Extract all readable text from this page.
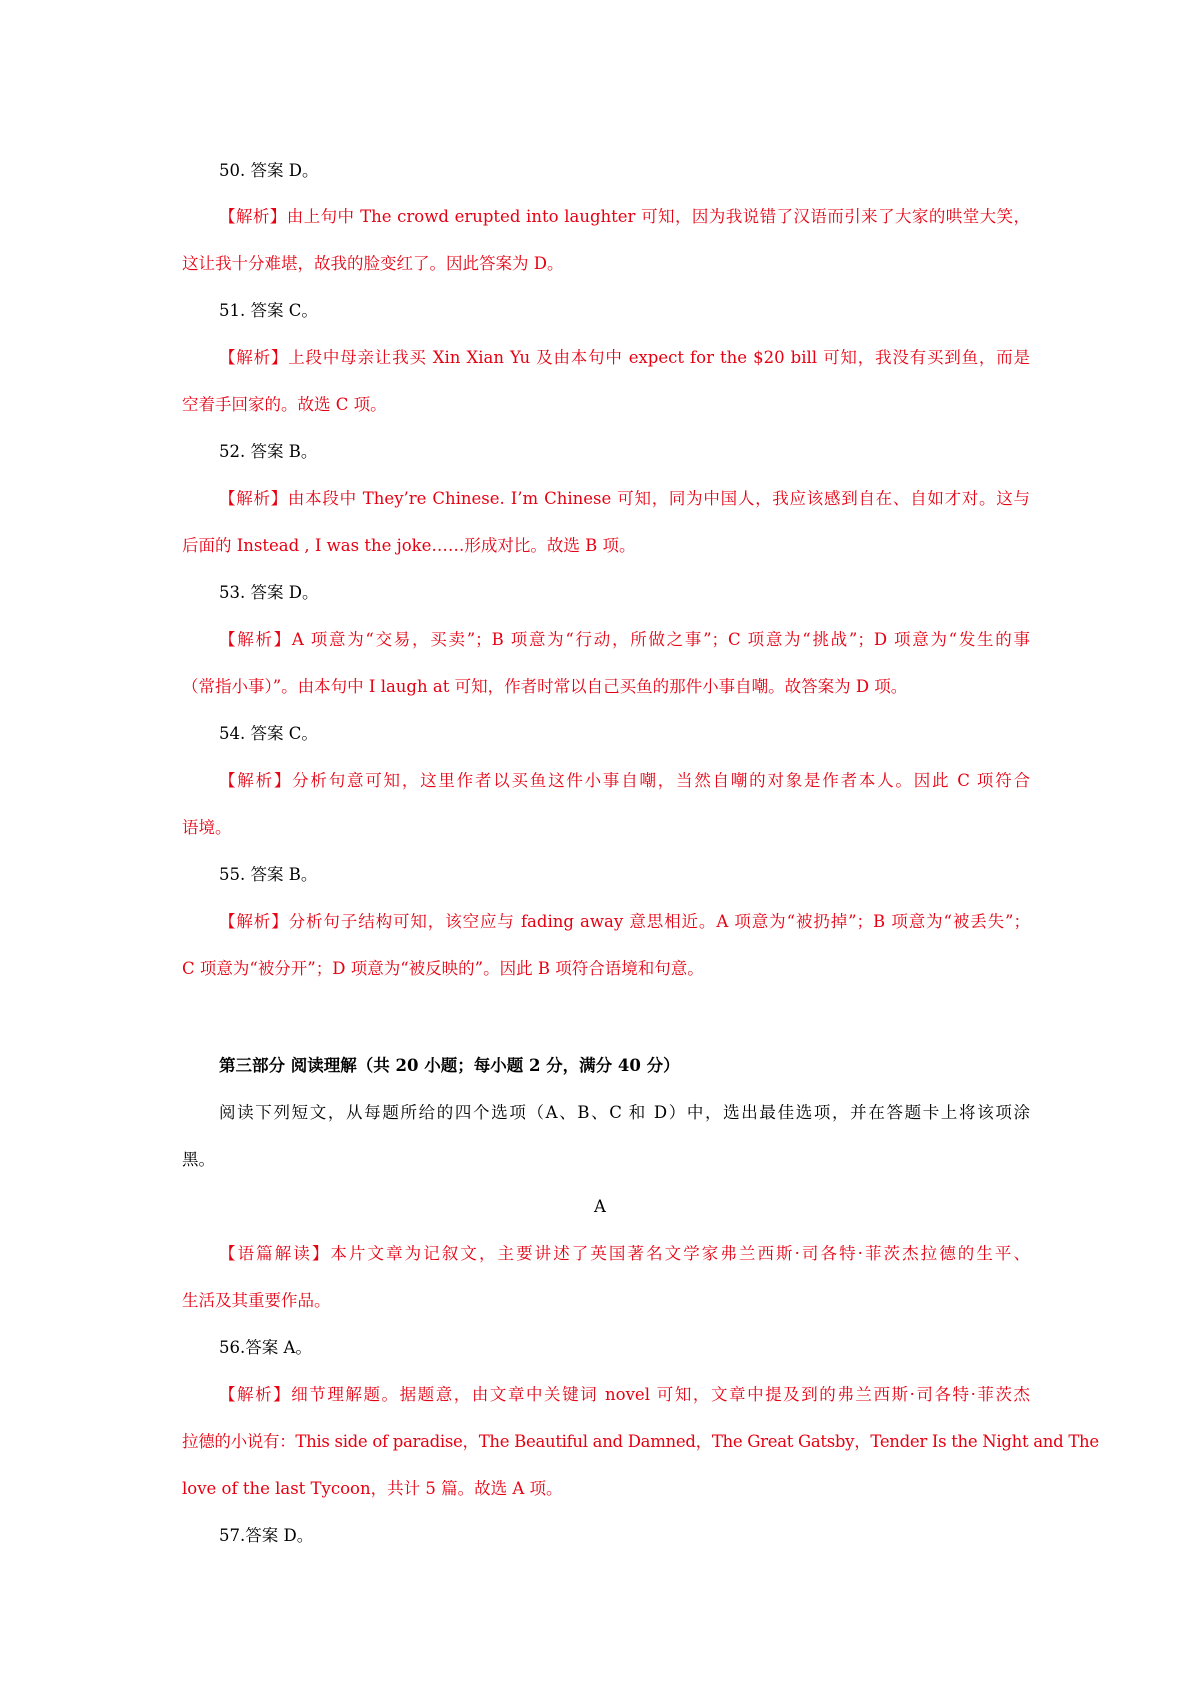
50. 答案 D。
【解析】由上句中 The crowd erupted into laughter 可知，因为我说错了汉语而引来了大家的哄堂大笑，
这让我十分难堪，故我的脸变红了。因此答案为 D。
51. 答案 C。
【解析】上段中母亲让我买 Xin Xian Yu 及由本句中 expect for the $20 bill 可知，我没有买到鱼，而是
空着手回家的。故选 C 项。
52. 答案 B。
【解析】由本段中 They’re Chinese. I’m Chinese 可知，同为中国人，我应该感到自在、自如才对。这与
后面的 Instead , I was the joke……形成对比。故选 B 项。
53. 答案 D。
【解析】A 项意为“交易，买卖”；B 项意为“行动，所做之事”；C 项意为“挑战”；D 项意为“发生的事
（常指小事）”。由本句中 I laugh at 可知，作者时常以自己买鱼的那件小事自嘲。故答案为 D 项。
54. 答案 C。
【解析】分析句意可知，这里作者以买鱼这件小事自嘲，当然自嘲的对象是作者本人。因此 C 项符合
语境。
55. 答案 B。
【解析】分析句子结构可知，该空应与 fading away 意思相近。A 项意为“被扔掉”；B 项意为“被丢失”；
C 项意为“被分开”；D 项意为“被反映的”。因此 B 项符合语境和句意。
第三部分 阅读理解（共 20 小题；每小题 2 分，满分 40 分）
阅读下列短文，从每题所给的四个选项（A、B、C 和 D）中，选出最佳选项，并在答题卡上将该项涂
黑。
A
【语篇解读】本片文章为记叙文，主要讲述了英国著名文学家弗兰西斯·司各特·菲茨杰拉德的生平、
生活及其重要作品。
56.答案 A。
【解析】细节理解题。据题意，由文章中关键词 novel 可知，文章中提及到的弗兰西斯·司各特·菲茨杰
拉德的小说有：This side of paradise，The Beautiful and Damned，The Great Gatsby，Tender Is the Night and The
love of the last Tycoon，共计 5 篇。故选 A 项。
57.答案 D。
